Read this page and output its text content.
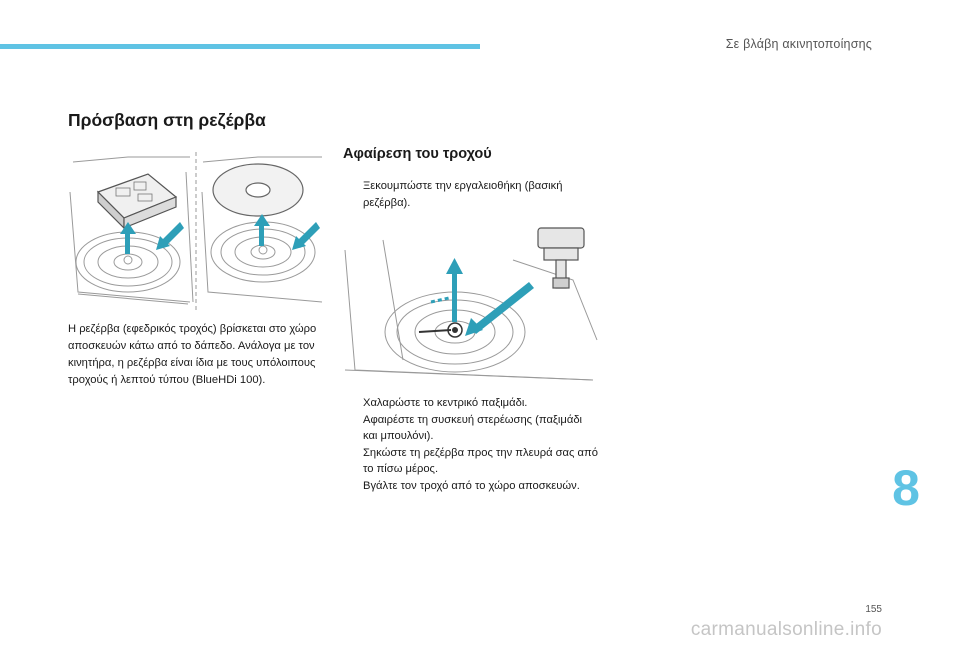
Σε βλάβη ακινητοποίησης
Πρόσβαση στη ρεζέρβα
Η ρεζέρβα (εφεδρικός τροχός) βρίσκεται στο χώρο αποσκευών κάτω από το δάπεδο. Ανάλογα με τον κινητήρα, η ρεζέρβα είναι ίδια με τους υπόλοιπους τροχούς ή λεπτού τύπου (BlueHDi 100).
Αφαίρεση του τροχού
Ξεκουμπώστε την εργαλειοθήκη (βασική ρεζέρβα).
Χαλαρώστε το κεντρικό παξιμάδι.
Αφαιρέστε τη συσκευή στερέωσης (παξιμάδι και μπουλόνι).
Σηκώστε τη ρεζέρβα προς την πλευρά σας από το πίσω μέρος.
Βγάλτε τον τροχό από το χώρο αποσκευών.	8
155
carmanualsonline.info
